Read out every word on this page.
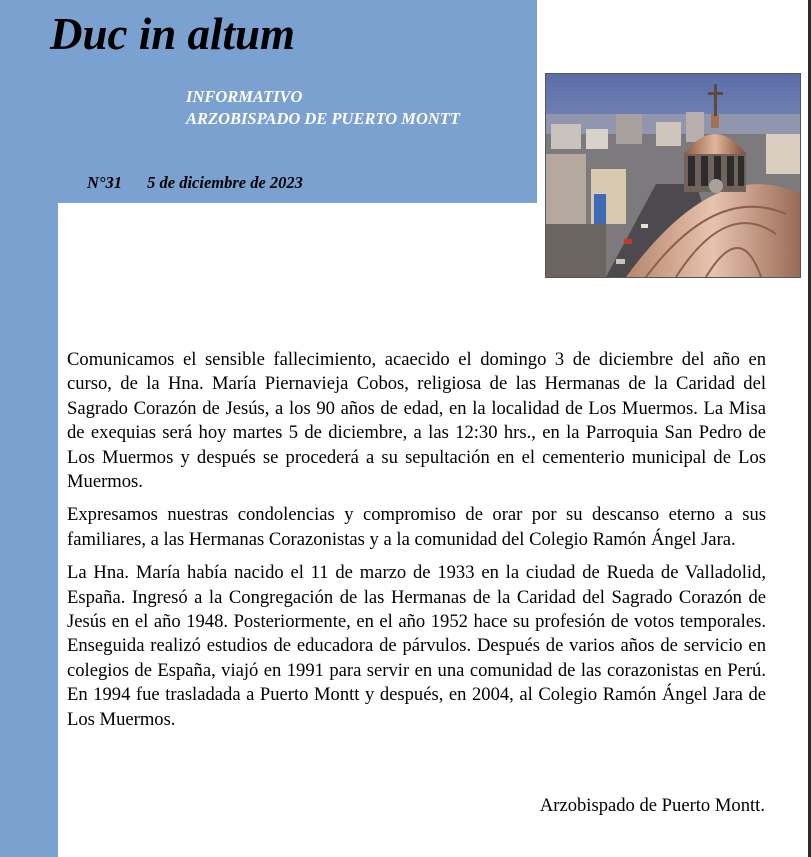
Duc in altum
INFORMATIVO
ARZOBISPADO DE PUERTO MONTT
N°31 5 de diciembre de 2023

Comunicamos el sensible fallecimiento, acaecido el domingo 3 de diciembre del año en curso, de la Hna. María Piernavieja Cobos, religiosa de las Hermanas de la Caridad del Sagrado Corazón de Jesús, a los 90 años de edad, en la localidad de Los Muermos. La Misa de exequias será hoy martes 5 de diciembre, a las 12:30 hrs., en la Parroquia San Pedro de Los Muermos y después se procederá a su sepultación en el cementerio municipal de Los Muermos.

Expresamos nuestras condolencias y compromiso de orar por su descanso eterno a sus familiares, a las Hermanas Corazonistas y a la comunidad del Colegio Ramón Ángel Jara.

La Hna. María había nacido el 11 de marzo de 1933 en la ciudad de Rueda de Valladolid, España. Ingresó a la Congregación de las Hermanas de la Caridad del Sagrado Corazón de Jesús en el año 1948. Posteriormente, en el año 1952 hace su profesión de votos temporales. Enseguida realizó estudios de educadora de párvulos. Después de varios años de servicio en colegios de España, viajó en 1991 para servir en una comunidad de las corazonistas en Perú. En 1994 fue trasladada a Puerto Montt y después, en 2004, al Colegio Ramón Ángel Jara de Los Muermos.

Arzobispado de Puerto Montt.
